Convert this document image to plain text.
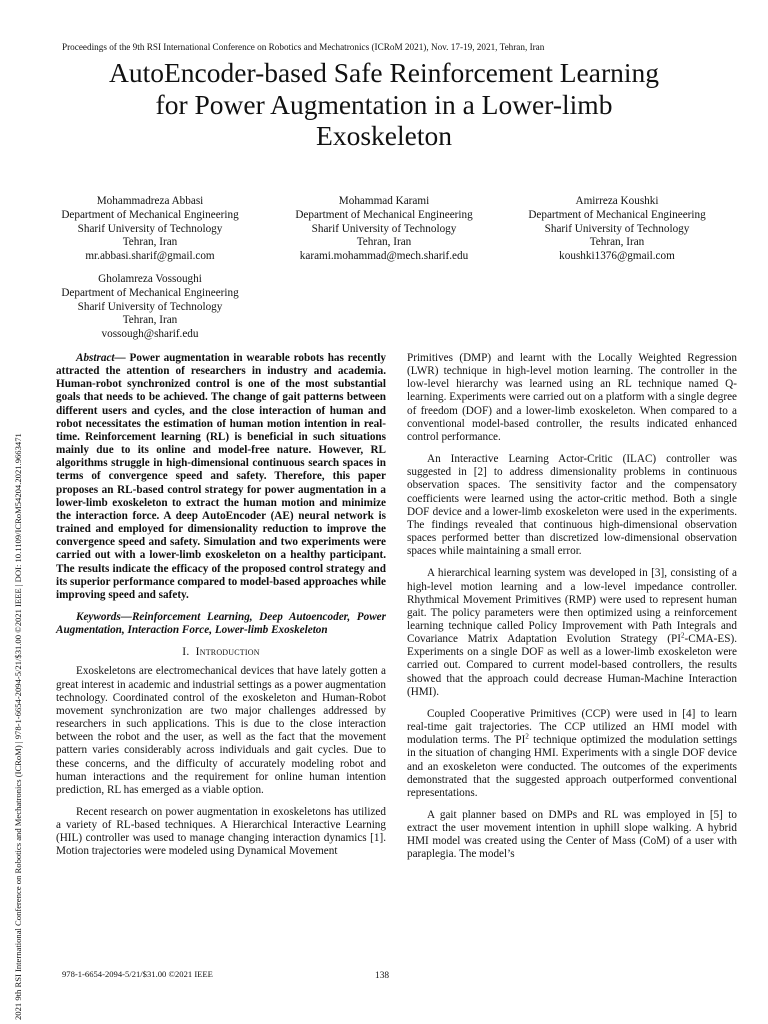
Proceedings of the 9th RSI International Conference on Robotics and Mechatronics (ICRoM 2021), Nov. 17-19, 2021, Tehran, Iran
AutoEncoder-based Safe Reinforcement Learning
for Power Augmentation in a Lower-limb
Exoskeleton
2021 9th RSI International Conference on Robotics and Mechatronics (ICRoM) | 978-1-6654-2094-5/21/$31.00 ©2021 IEEE | DOI: 10.1109/ICRoM54204.2021.9663471
Mohammadreza Abbasi
Department of Mechanical Engineering
Sharif University of Technology
Tehran, Iran
mr.abbasi.sharif@gmail.com
Mohammad Karami
Department of Mechanical Engineering
Sharif University of Technology
Tehran, Iran
karami.mohammad@mech.sharif.edu
Amirreza Koushki
Department of Mechanical Engineering
Sharif University of Technology
Tehran, Iran
koushki1376@gmail.com
Gholamreza Vossoughi
Department of Mechanical Engineering
Sharif University of Technology
Tehran, Iran
vossough@sharif.edu

Abstract— Power augmentation in wearable robots has recently attracted the attention of researchers in industry and academia. Human-robot synchronized control is one of the most substantial goals that needs to be achieved. The change of gait patterns between different users and cycles, and the close interaction of human and robot necessitates the estimation of human motion intention in real-time. Reinforcement learning (RL) is beneficial in such situations mainly due to its online and model-free nature. However, RL algorithms struggle in high-dimensional continuous search spaces in terms of convergence speed and safety. Therefore, this paper proposes an RL-based control strategy for power augmentation in a lower-limb exoskeleton to extract the human motion and minimize the interaction force. A deep AutoEncoder (AE) neural network is trained and employed for dimensionality reduction to improve the convergence speed and safety. Simulation and two experiments were carried out with a lower-limb exoskeleton on a healthy participant. The results indicate the efficacy of the proposed control strategy and its superior performance compared to model-based approaches while improving speed and safety.

Keywords—Reinforcement Learning, Deep Autoencoder, Power Augmentation, Interaction Force, Lower-limb Exoskeleton

I. Introduction

Exoskeletons are electromechanical devices that have lately gotten a great interest in academic and industrial settings as a power augmentation technology. Coordinated control of the exoskeleton and Human-Robot movement synchronization are two major challenges addressed by researchers in such applications. This is due to the close interaction between the robot and the user, as well as the fact that the movement pattern varies considerably across individuals and gait cycles. Due to these concerns, and the difficulty of accurately modeling robot and human interactions and the requirement for online human intention prediction, RL has emerged as a viable option.

Recent research on power augmentation in exoskeletons has utilized a variety of RL-based techniques. A Hierarchical Interactive Learning (HIL) controller was used to manage changing interaction dynamics [1]. Motion trajectories were modeled using Dynamical Movement

Primitives (DMP) and learnt with the Locally Weighted Regression (LWR) technique in high-level motion learning. The controller in the low-level hierarchy was learned using an RL technique named Q-learning. Experiments were carried out on a platform with a single degree of freedom (DOF) and a lower-limb exoskeleton. When compared to a conventional model-based controller, the results indicated enhanced control performance.

An Interactive Learning Actor-Critic (ILAC) controller was suggested in [2] to address dimensionality problems in continuous observation spaces. The sensitivity factor and the compensatory coefficients were learned using the actor-critic method. Both a single DOF device and a lower-limb exoskeleton were used in the experiments. The findings revealed that continuous high-dimensional observation spaces performed better than discretized low-dimensional observation spaces while maintaining a small error.

A hierarchical learning system was developed in [3], consisting of a high-level motion learning and a low-level impedance controller. Rhythmical Movement Primitives (RMP) were used to represent human gait. The policy parameters were then optimized using a reinforcement learning technique called Policy Improvement with Path Integrals and Covariance Matrix Adaptation Evolution Strategy $(PI^2-CMA-ES)$. Experiments on a single DOF as well as a lower-limb exoskeleton were carried out. Compared to current model-based controllers, the results showed that the approach could decrease Human-Machine Interaction (HMI).

Coupled Cooperative Primitives (CCP) were used in [4] to learn real-time gait trajectories. The CCP utilized an HMI model with modulation terms. The $PI^2$ technique optimized the modulation settings in the situation of changing HMI. Experiments with a single DOF device and an exoskeleton were conducted. The outcomes of the experiments demonstrated that the suggested approach outperformed conventional representations.

A gait planner based on DMPs and RL was employed in [5] to extract the user movement intention in uphill slope walking. A hybrid HMI model was created using the Center of Mass (CoM) of a user with paraplegia. The model’s

978-1-6654-2094-5/21/$31.00 ©2021 IEEE	138
